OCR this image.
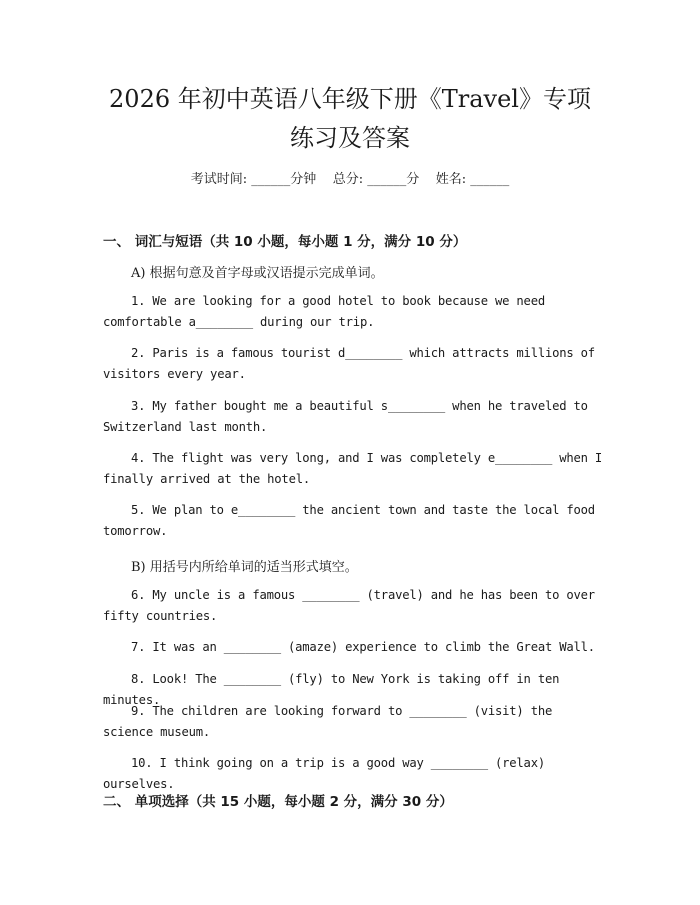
2026 年初中英语八年级下册《Travel》专项
练习及答案
考试时间: ______分钟    总分: ______分    姓名: ______
一、 词汇与短语（共 10 小题，每小题 1 分，满分 10 分）
A) 根据句意及首字母或汉语提示完成单词。
1. We are looking for a good hotel to book because we need comfortable a________ during our trip.
2. Paris is a famous tourist d________ which attracts millions of visitors every year.
3. My father bought me a beautiful s________ when he traveled to Switzerland last month.
4. The flight was very long, and I was completely e________ when I finally arrived at the hotel.
5. We plan to e________ the ancient town and taste the local food tomorrow.
B) 用括号内所给单词的适当形式填空。
6. My uncle is a famous ________ (travel) and he has been to over fifty countries.
7. It was an ________ (amaze) experience to climb the Great Wall.
8. Look! The ________ (fly) to New York is taking off in ten minutes.
9. The children are looking forward to ________ (visit) the science museum.
10. I think going on a trip is a good way ________ (relax) ourselves.
二、 单项选择（共 15 小题，每小题 2 分，满分 30 分）
